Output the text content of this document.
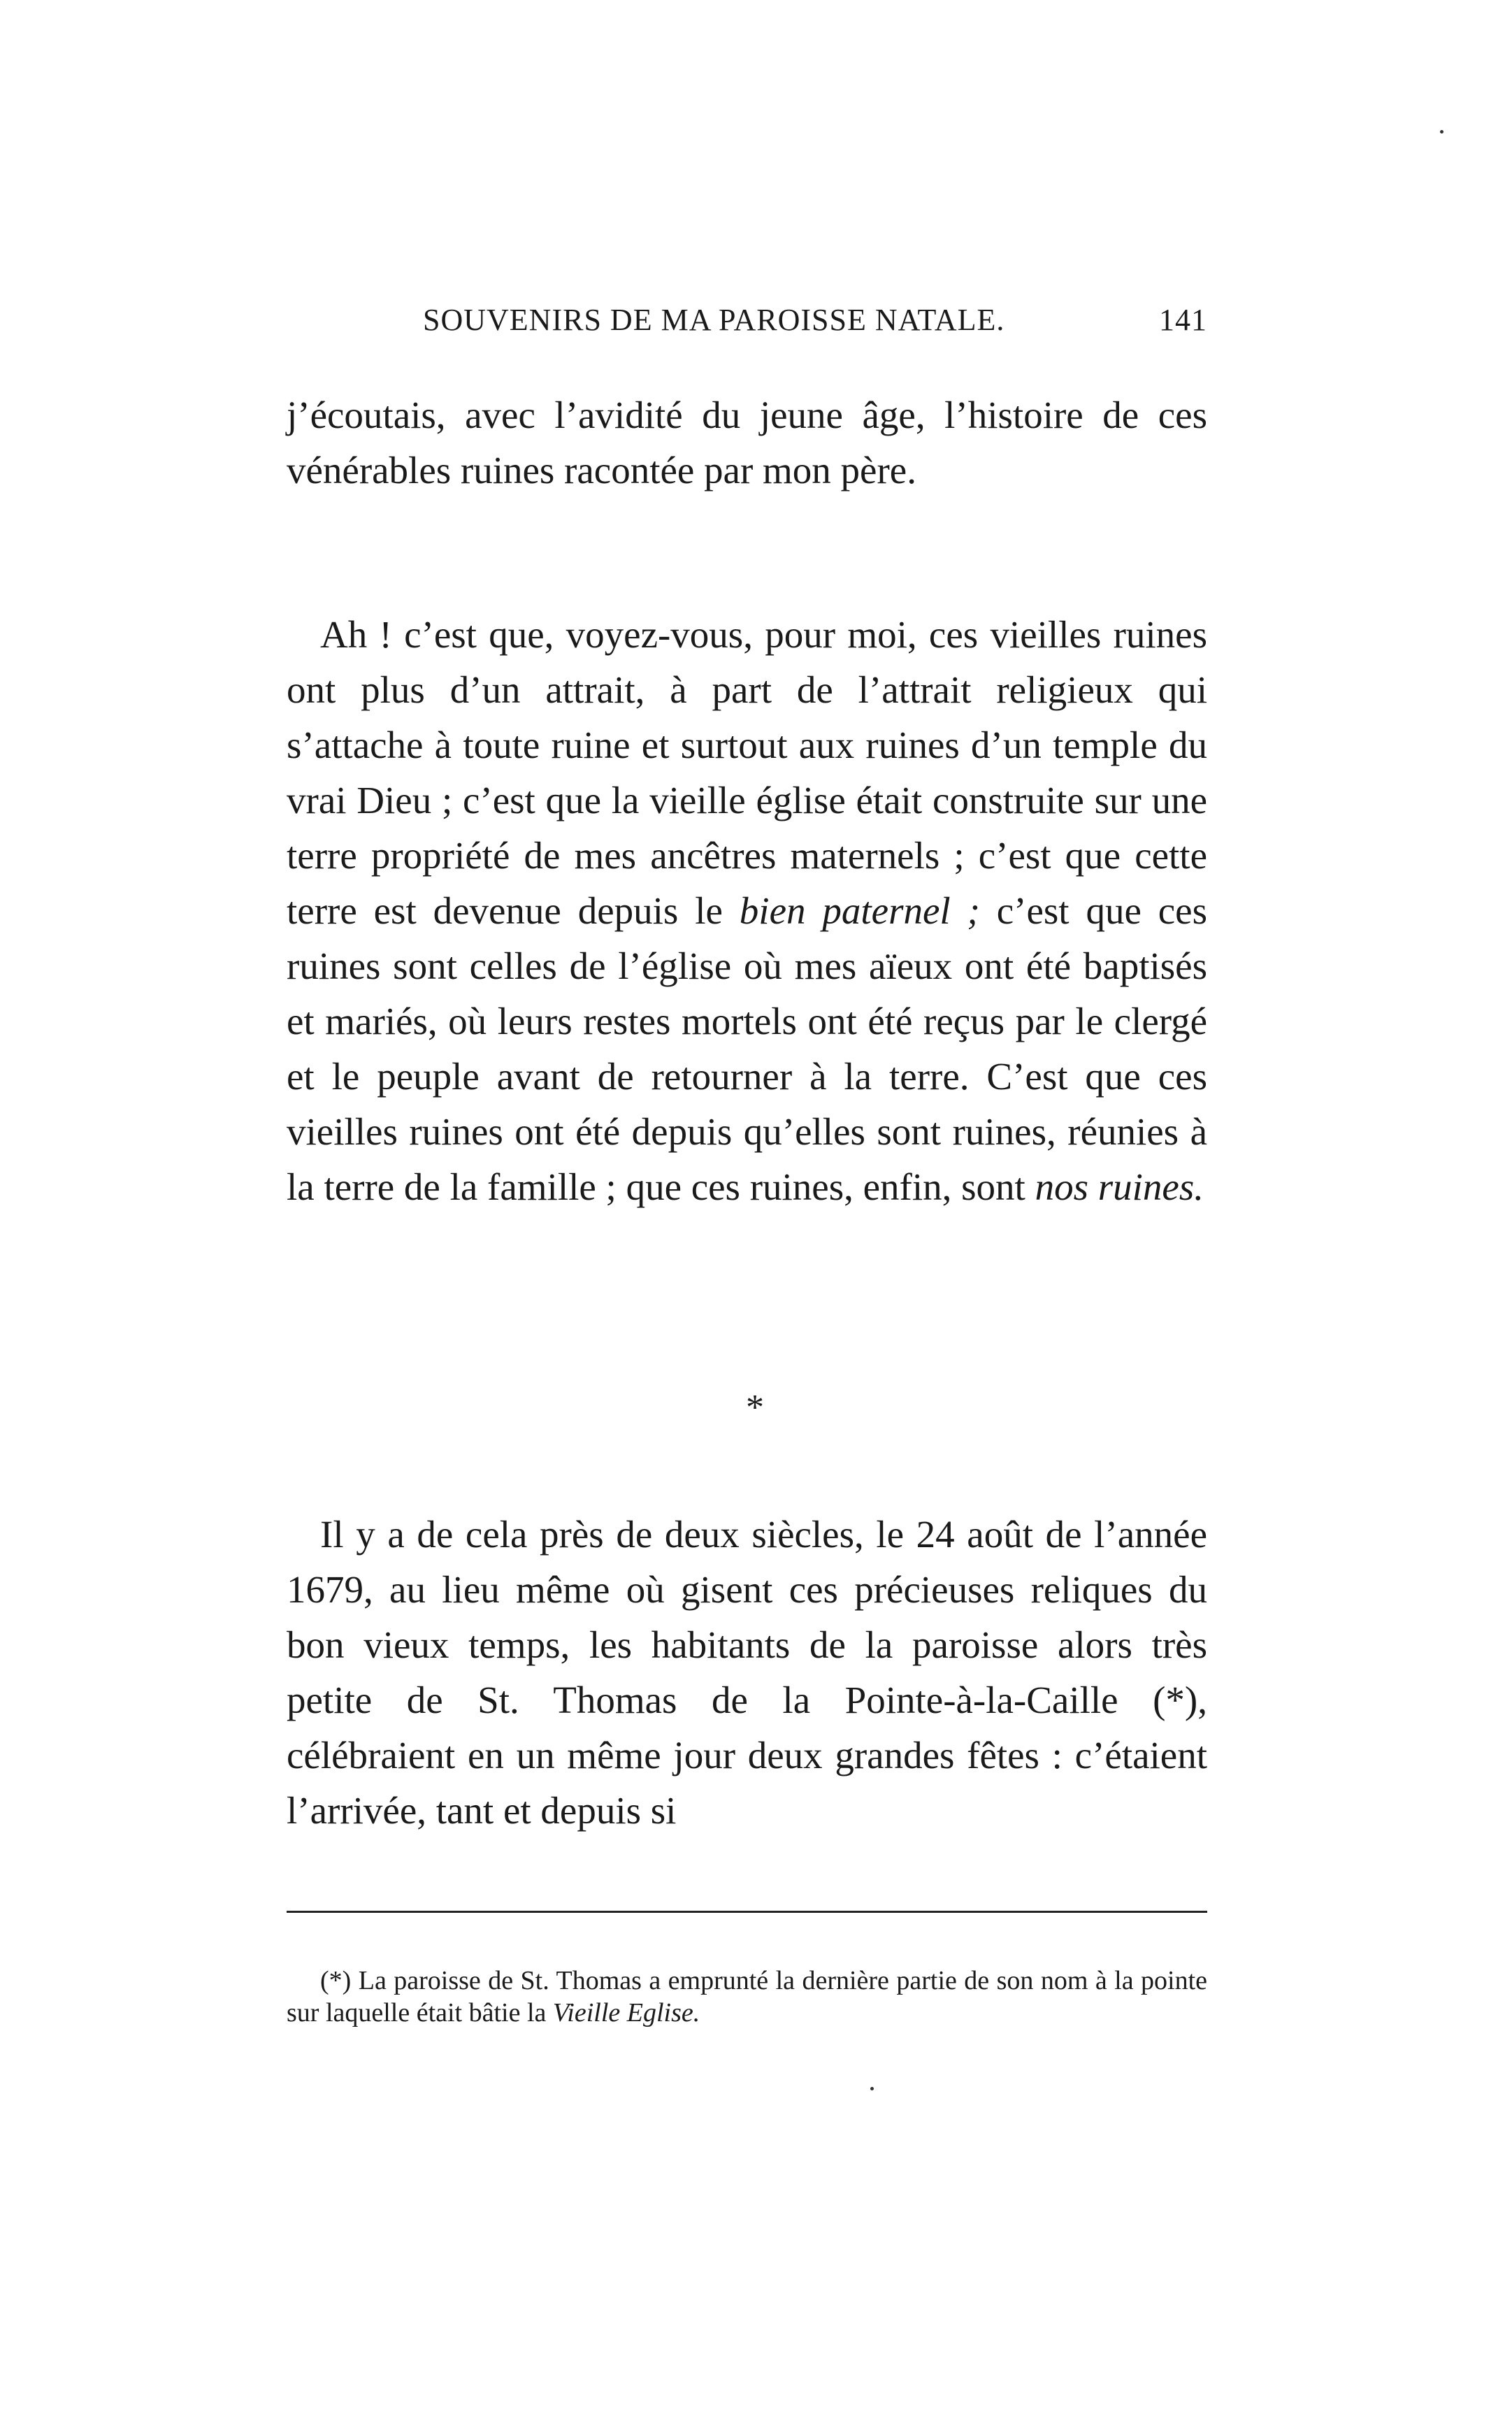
SOUVENIRS DE MA PAROISSE NATALE.	141

j’écoutais, avec l’avidité du jeune âge, l’histoire de ces vénérables ruines racontée par mon père.

Ah ! c’est que, voyez-vous, pour moi, ces vieilles ruines ont plus d’un attrait, à part de l’attrait religieux qui s’attache à toute ruine et surtout aux ruines d’un temple du vrai Dieu ; c’est que la vieille église était construite sur une terre propriété de mes ancêtres maternels ; c’est que cette terre est devenue depuis le bien paternel ; c’est que ces ruines sont celles de l’église où mes aïeux ont été baptisés et mariés, où leurs restes mortels ont été reçus par le clergé et le peuple avant de retourner à la terre. C’est que ces vieilles ruines ont été depuis qu’elles sont ruines, réunies à la terre de la famille ; que ces ruines, enfin, sont nos ruines.

*

Il y a de cela près de deux siècles, le 24 août de l’année 1679, au lieu même où gisent ces précieuses reliques du bon vieux temps, les habitants de la paroisse alors très petite de St. Thomas de la Pointe-à-la-Caille (*), célébraient en un même jour deux grandes fêtes : c’étaient l’arrivée, tant et depuis si

(*) La paroisse de St. Thomas a emprunté la dernière partie de son nom à la pointe sur laquelle était bâtie la Vieille Eglise.
